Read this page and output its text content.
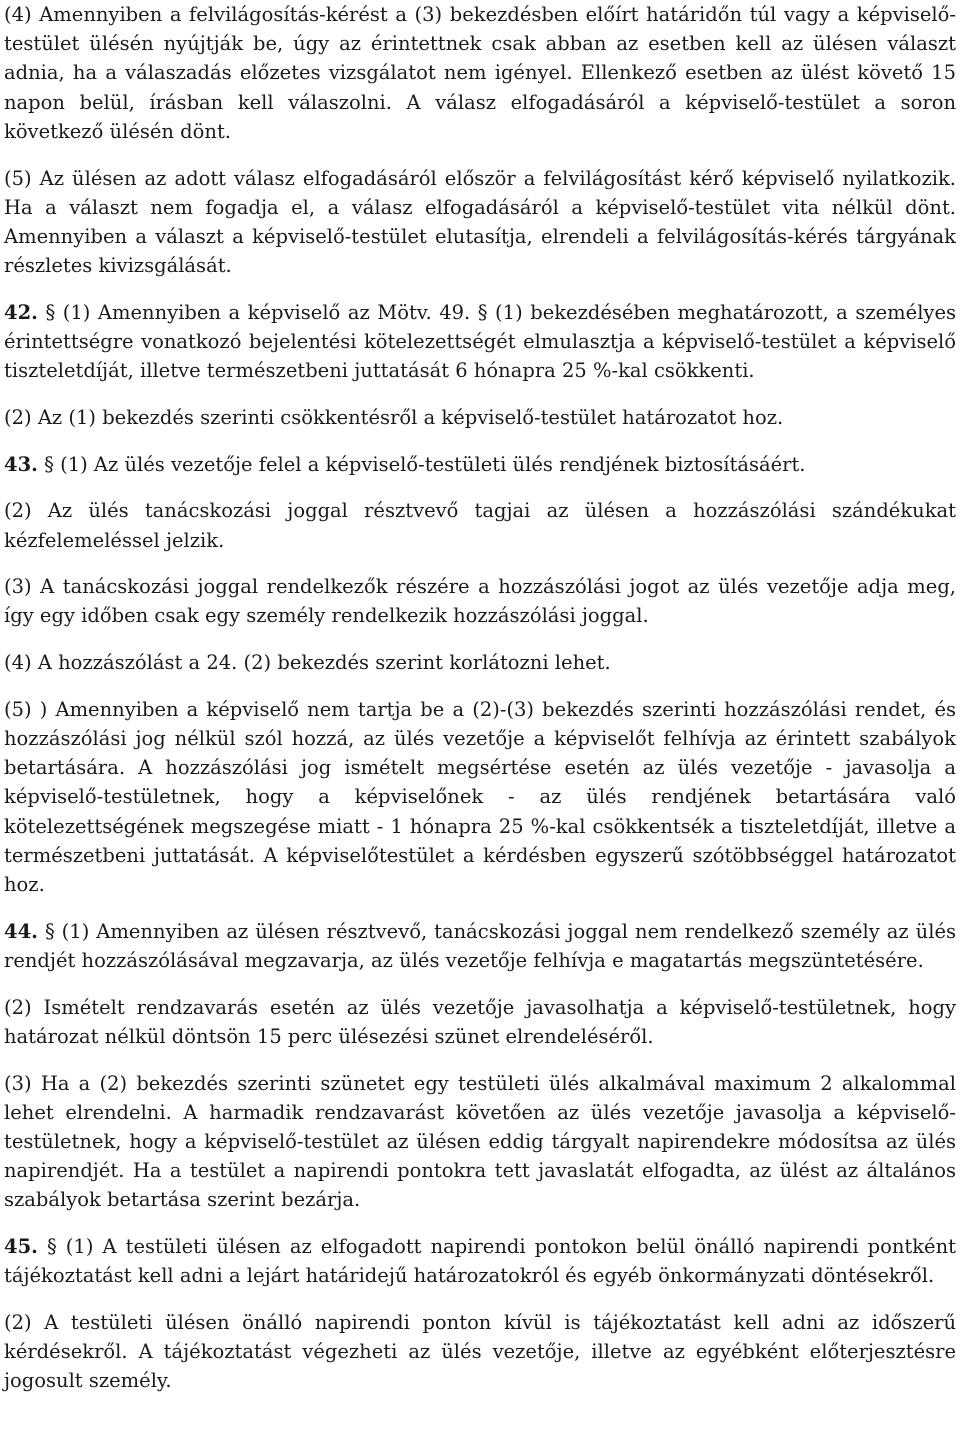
(4) Amennyiben a felvilágosítás-kérést a (3) bekezdésben előírt határidőn túl vagy a képviselő-testület ülésén nyújtják be, úgy az érintettnek csak abban az esetben kell az ülésen választ adnia, ha a válaszadás előzetes vizsgálatot nem igényel. Ellenkező esetben az ülést követő 15 napon belül, írásban kell válaszolni. A válasz elfogadásáról a képviselő-testület a soron következő ülésén dönt.

(5) Az ülésen az adott válasz elfogadásáról először a felvilágosítást kérő képviselő nyilatkozik. Ha a választ nem fogadja el, a válasz elfogadásáról a képviselő-testület vita nélkül dönt. Amennyiben a választ a képviselő-testület elutasítja, elrendeli a felvilágosítás-kérés tárgyának részletes kivizsgálását.

42. § (1) Amennyiben a képviselő az Mötv. 49. § (1) bekezdésében meghatározott, a személyes érintettségre vonatkozó bejelentési kötelezettségét elmulasztja a képviselő-testület a képviselő tiszteletdíját, illetve természetbeni juttatását 6 hónapra 25 %-kal csökkenti.

(2) Az (1) bekezdés szerinti csökkentésről a képviselő-testület határozatot hoz.

43. § (1) Az ülés vezetője felel a képviselő-testületi ülés rendjének biztosításáért.

(2) Az ülés tanácskozási joggal résztvevő tagjai az ülésen a hozzászólási szándékukat kézfelemeléssel jelzik.

(3) A tanácskozási joggal rendelkezők részére a hozzászólási jogot az ülés vezetője adja meg, így egy időben csak egy személy rendelkezik hozzászólási joggal.

(4) A hozzászólást a 24. (2) bekezdés szerint korlátozni lehet.

(5) ) Amennyiben a képviselő nem tartja be a (2)-(3) bekezdés szerinti hozzászólási rendet, és hozzászólási jog nélkül szól hozzá, az ülés vezetője a képviselőt felhívja az érintett szabályok betartására. A hozzászólási jog ismételt megsértése esetén az ülés vezetője - javasolja a képviselő-testületnek, hogy a képviselőnek - az ülés rendjének betartására való kötelezettségének megszegése miatt - 1 hónapra 25 %-kal csökkentsék a tiszteletdíját, illetve a természetbeni juttatását. A képviselőtestület a kérdésben egyszerű szótöbbséggel határozatot hoz.

44. § (1) Amennyiben az ülésen résztvevő, tanácskozási joggal nem rendelkező személy az ülés rendjét hozzászólásával megzavarja, az ülés vezetője felhívja e magatartás megszüntetésére.

(2) Ismételt rendzavarás esetén az ülés vezetője javasolhatja a képviselő-testületnek, hogy határozat nélkül döntsön 15 perc ülésezési szünet elrendeléséről.

(3) Ha a (2) bekezdés szerinti szünetet egy testületi ülés alkalmával maximum 2 alkalommal lehet elrendelni. A harmadik rendzavarást követően az ülés vezetője javasolja a képviselő-testületnek, hogy a képviselő-testület az ülésen eddig tárgyalt napirendekre módosítsa az ülés napirendjét. Ha a testület a napirendi pontokra tett javaslatát elfogadta, az ülést az általános szabályok betartása szerint bezárja.

45. § (1) A testületi ülésen az elfogadott napirendi pontokon belül önálló napirendi pontként tájékoztatást kell adni a lejárt határidejű határozatokról és egyéb önkormányzati döntésekről.

(2) A testületi ülésen önálló napirendi ponton kívül is tájékoztatást kell adni az időszerű kérdésekről. A tájékoztatást végezheti az ülés vezetője, illetve az egyébként előterjesztésre jogosult személy.
